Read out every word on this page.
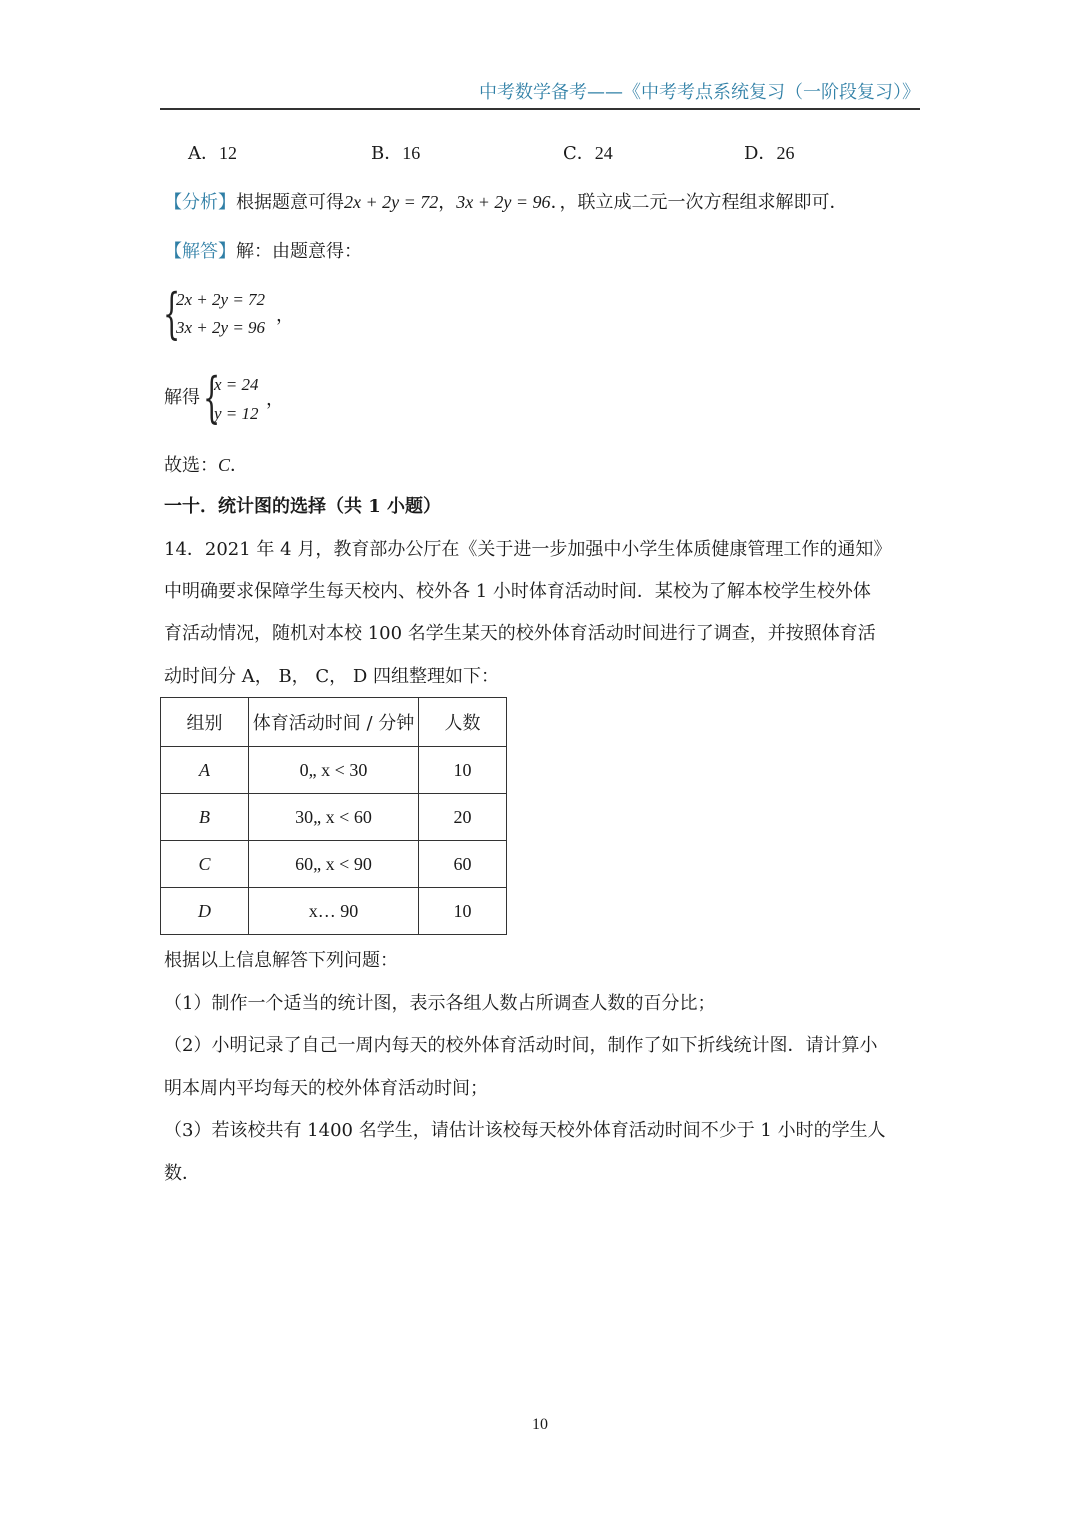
中考数学备考——《中考考点系统复习（一阶段复习）》
A．12	B．16	C．24	D．26
【分析】根据题意可得2x + 2y = 72，3x + 2y = 96．，联立成二元一次方程组求解即可．
【解答】解：由题意得：
{
2x + 2y = 72
3x + 2y = 96
，
解得 {
x = 24
y = 12
，
故选：C．
一十．统计图的选择（共 1 小题）
14．2021 年 4 月，教育部办公厅在《关于进一步加强中小学生体质健康管理工作的通知》
中明确要求保障学生每天校内、校外各 1 小时体育活动时间．某校为了解本校学生校外体
育活动情况，随机对本校 100 名学生某天的校外体育活动时间进行了调查，并按照体育活
动时间分 A， B， C， D 四组整理如下：
组别	体育活动时间 / 分钟	人数
A	0„ x < 30	10
B	30„ x < 60	20
C	60„ x < 90	60
D	x… 90	10
根据以上信息解答下列问题：
（1）制作一个适当的统计图，表示各组人数占所调查人数的百分比；
（2）小明记录了自己一周内每天的校外体育活动时间，制作了如下折线统计图．请计算小
明本周内平均每天的校外体育活动时间；
（3）若该校共有 1400 名学生，请估计该校每天校外体育活动时间不少于 1 小时的学生人
数．
10
